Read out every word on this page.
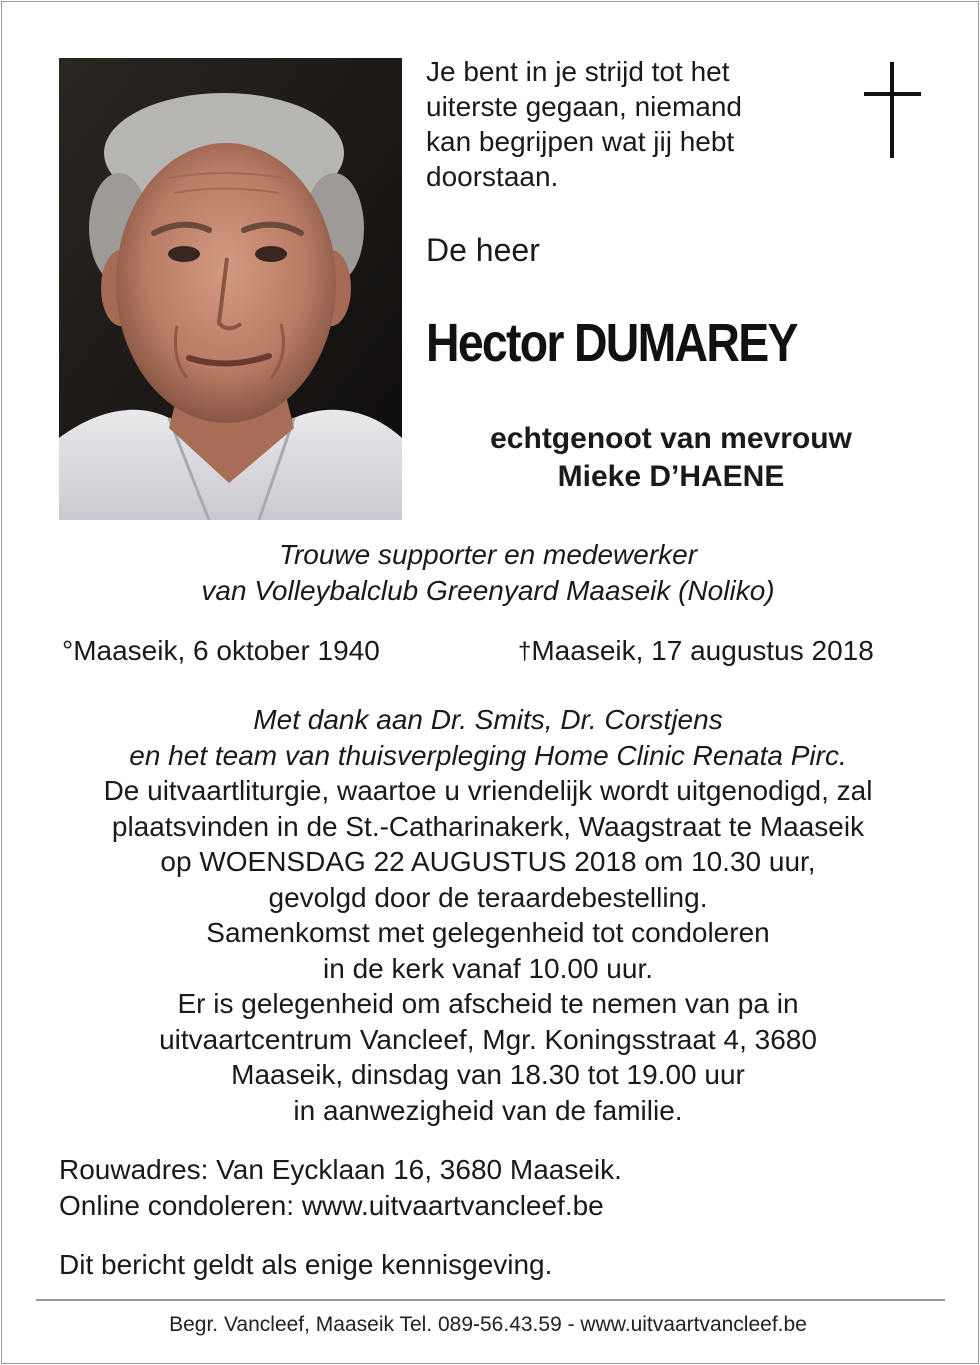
Je bent in je strijd tot het
uiterste gegaan, niemand
kan begrijpen wat jij hebt
doorstaan.
De heer
Hector DUMAREY
echtgenoot van mevrouw
Mieke D’HAENE
Trouwe supporter en medewerker
van Volleybalclub Greenyard Maaseik (Noliko)
°Maaseik, 6 oktober 1940	†Maaseik, 17 augustus 2018
Met dank aan Dr. Smits, Dr. Corstjens
en het team van thuisverpleging Home Clinic Renata Pirc.
De uitvaartliturgie, waartoe u vriendelijk wordt uitgenodigd, zal
plaatsvinden in de St.-Catharinakerk, Waagstraat te Maaseik
op WOENSDAG 22 AUGUSTUS 2018 om 10.30 uur,
gevolgd door de teraardebestelling.
Samenkomst met gelegenheid tot condoleren
in de kerk vanaf 10.00 uur.
Er is gelegenheid om afscheid te nemen van pa in
uitvaartcentrum Vancleef, Mgr. Koningsstraat 4, 3680
Maaseik, dinsdag van 18.30 tot 19.00 uur
in aanwezigheid van de familie.
Rouwadres: Van Eycklaan 16, 3680 Maaseik.
Online condoleren: www.uitvaartvancleef.be
Dit bericht geldt als enige kennisgeving.
Begr. Vancleef, Maaseik Tel. 089-56.43.59 - www.uitvaartvancleef.be
